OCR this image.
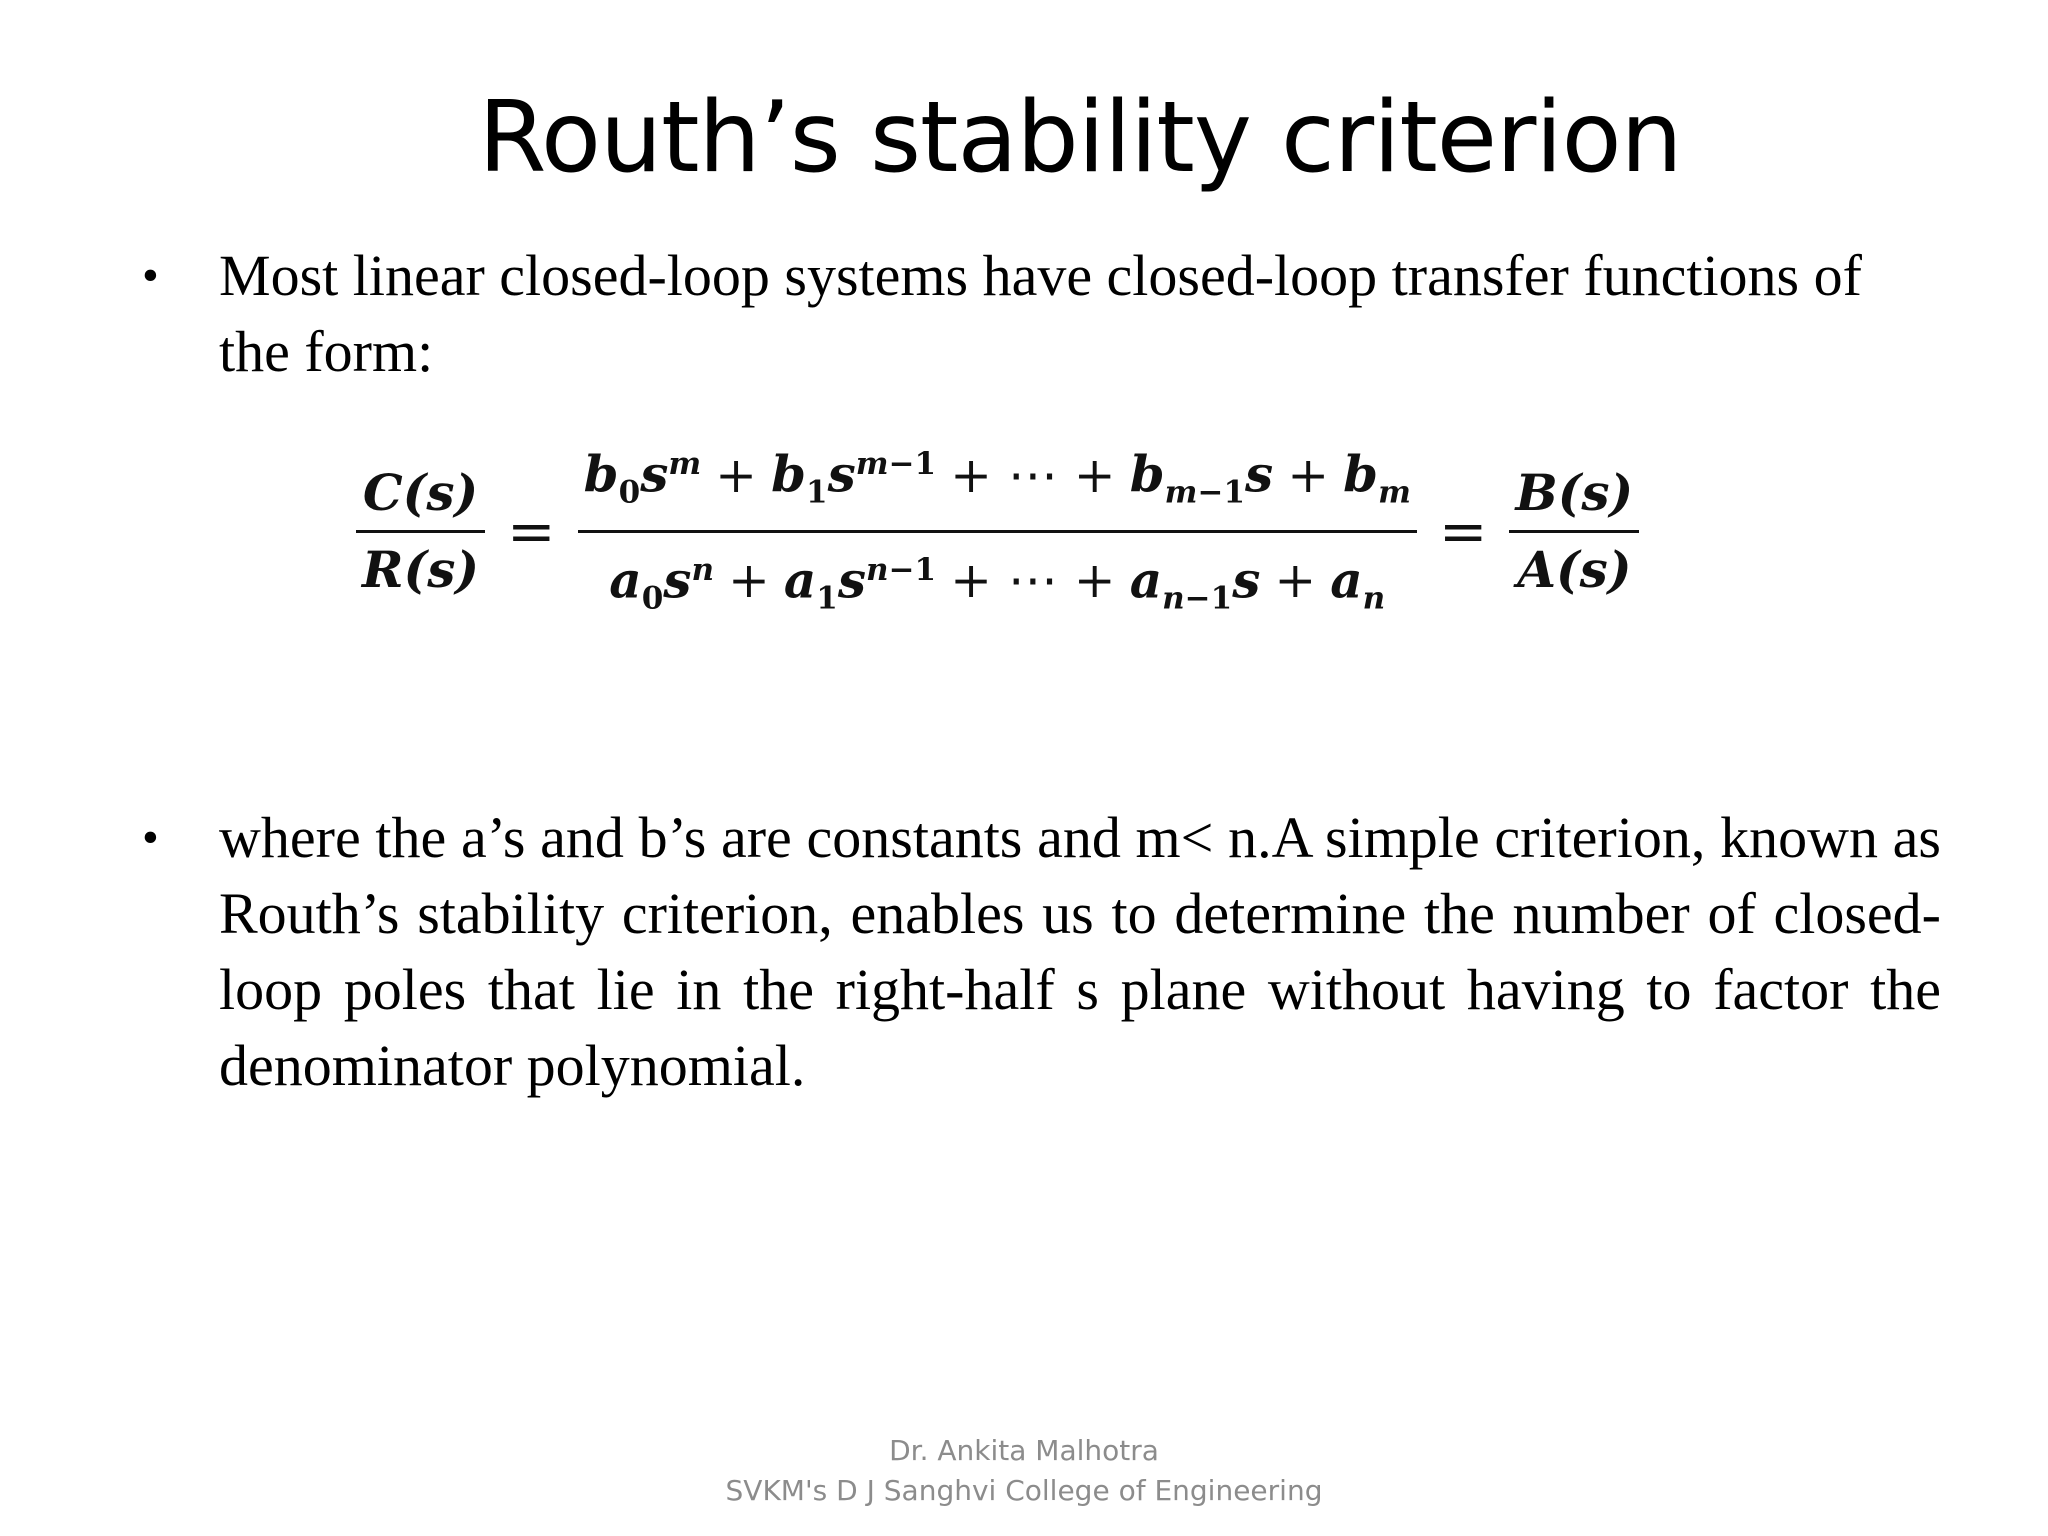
Routh’s stability criterion
• Most linear closed-loop systems have closed-loop transfer functions of the form:
$\frac{C(s)}{R(s)} = \frac{b_0s^m + b_1s^{m-1} + \cdots + b_{m-1}s + b_m}{a_0s^n + a_1s^{n-1} + \cdots + a_{n-1}s + a_n} = \frac{B(s)}{A(s)}$
• where the a’s and b’s are constants and m< n.A simple criterion, known as Routh’s stability criterion, enables us to determine the number of closed-loop poles that lie in the right-half s plane without having to factor the denominator polynomial.
Dr. Ankita Malhotra
SVKM's D J Sanghvi College of Engineering
